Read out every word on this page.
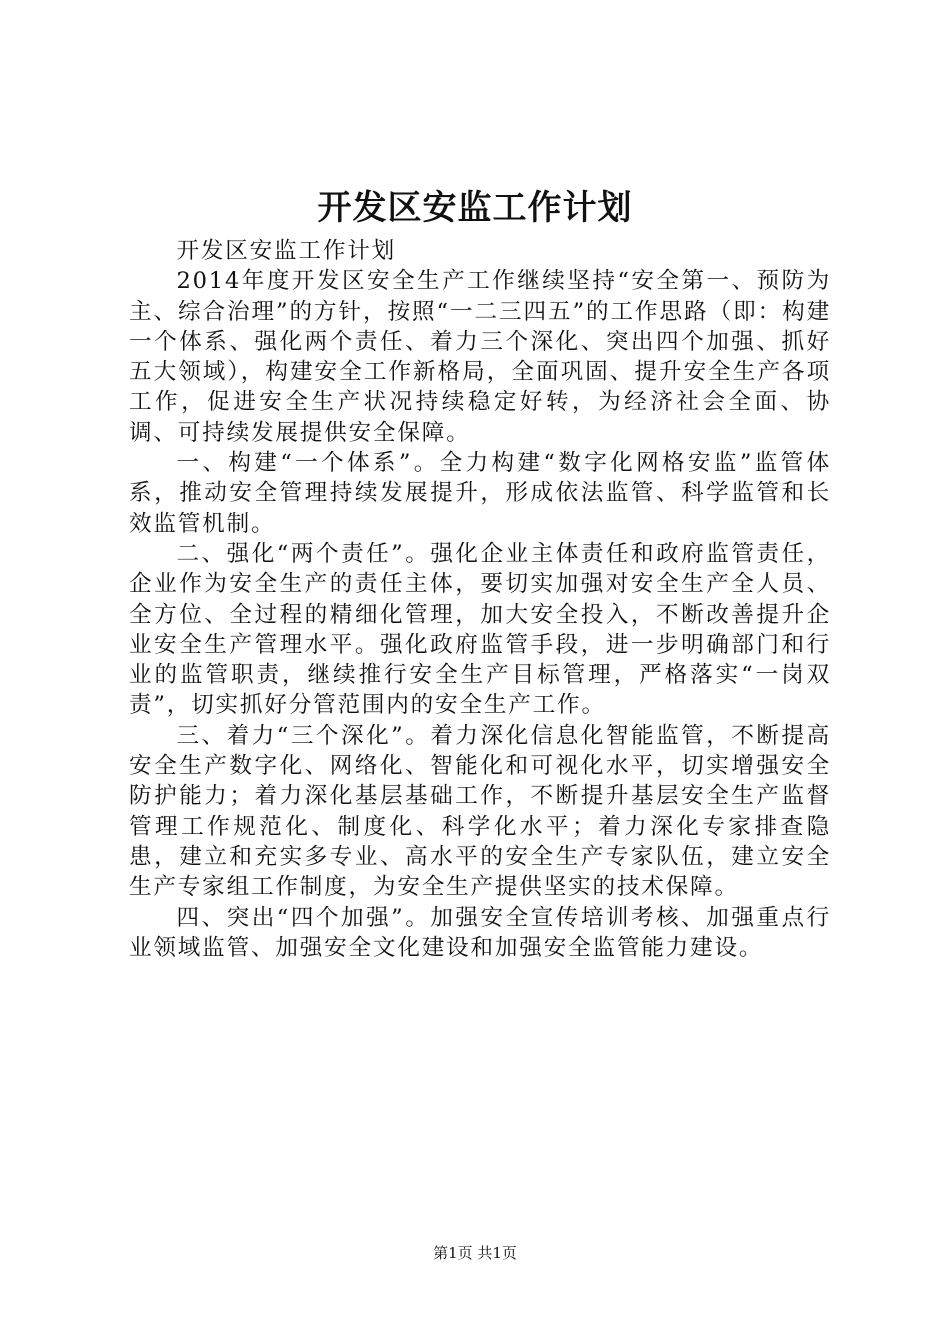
开发区安监工作计划

开发区安监工作计划

2014年度开发区安全生产工作继续坚持“安全第一、预防为主、综合治理”的方针，按照“一二三四五”的工作思路（即：构建一个体系、强化两个责任、着力三个深化、突出四个加强、抓好五大领域），构建安全工作新格局，全面巩固、提升安全生产各项工作，促进安全生产状况持续稳定好转，为经济社会全面、协调、可持续发展提供安全保障。

一、构建“一个体系”。全力构建“数字化网格安监”监管体系，推动安全管理持续发展提升，形成依法监管、科学监管和长效监管机制。

二、强化“两个责任”。强化企业主体责任和政府监管责任，企业作为安全生产的责任主体，要切实加强对安全生产全人员、全方位、全过程的精细化管理，加大安全投入，不断改善提升企业安全生产管理水平。强化政府监管手段，进一步明确部门和行业的监管职责，继续推行安全生产目标管理，严格落实“一岗双责”，切实抓好分管范围内的安全生产工作。

三、着力“三个深化”。着力深化信息化智能监管，不断提高安全生产数字化、网络化、智能化和可视化水平，切实增强安全防护能力；着力深化基层基础工作，不断提升基层安全生产监督管理工作规范化、制度化、科学化水平；着力深化专家排查隐患，建立和充实多专业、高水平的安全生产专家队伍，建立安全生产专家组工作制度，为安全生产提供坚实的技术保障。

四、突出“四个加强”。加强安全宣传培训考核、加强重点行业领域监管、加强安全文化建设和加强安全监管能力建设。

第1页 共1页
